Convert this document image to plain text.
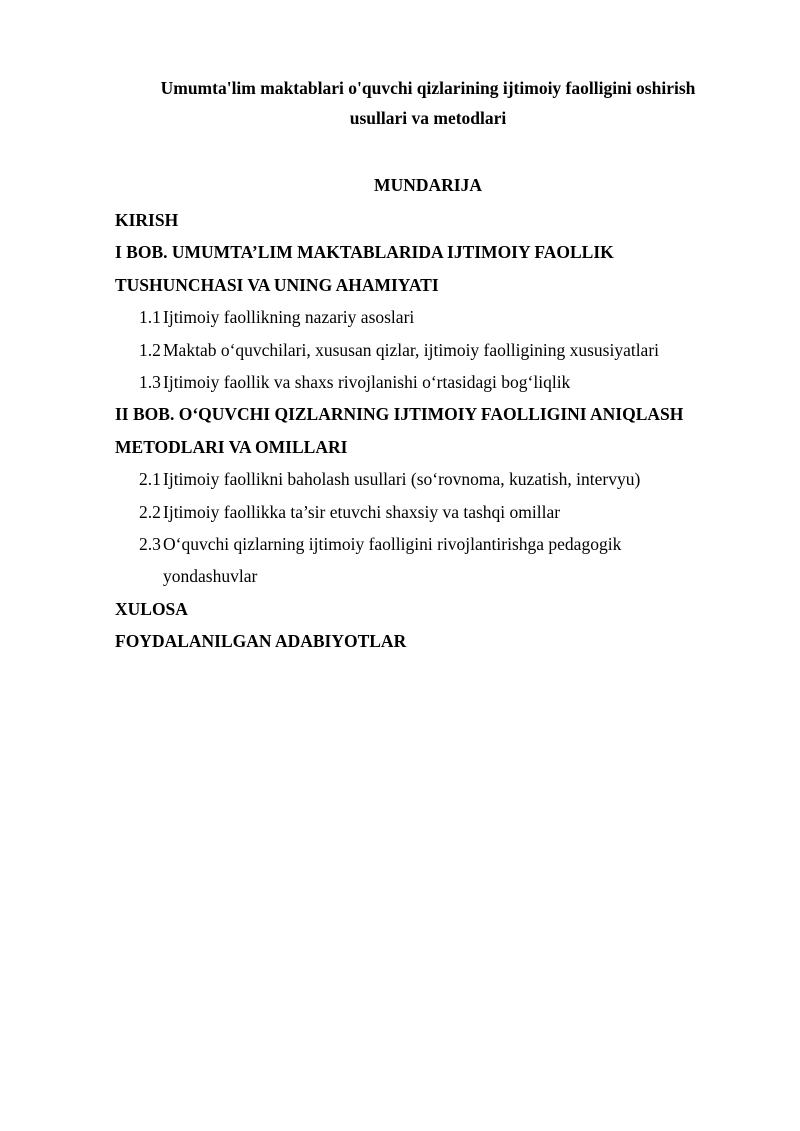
Umumta'lim maktablari o'quvchi qizlarining ijtimoiy faolligini oshirish
usullari va metodlari
MUNDARIJA
KIRISH
I BOB. UMUMTA’LIM MAKTABLARIDA IJTIMOIY FAOLLIK
TUSHUNCHASI VA UNING AHAMIYATI
1.1 Ijtimoiy faollikning nazariy asoslari
1.2 Maktab o‘quvchilari, xususan qizlar, ijtimoiy faolligining xususiyatlari
1.3 Ijtimoiy faollik va shaxs rivojlanishi o‘rtasidagi bog‘liqlik
II BOB. O‘QUVCHI QIZLARNING IJTIMOIY FAOLLIGINI ANIQLASH
METODLARI VA OMILLARI
2.1 Ijtimoiy faollikni baholash usullari (so‘rovnoma, kuzatish, intervyu)
2.2 Ijtimoiy faollikka ta’sir etuvchi shaxsiy va tashqi omillar
2.3 O‘quvchi qizlarning ijtimoiy faolligini rivojlantirishga pedagogik
yondashuvlar
XULOSA
FOYDALANILGAN ADABIYOTLAR
